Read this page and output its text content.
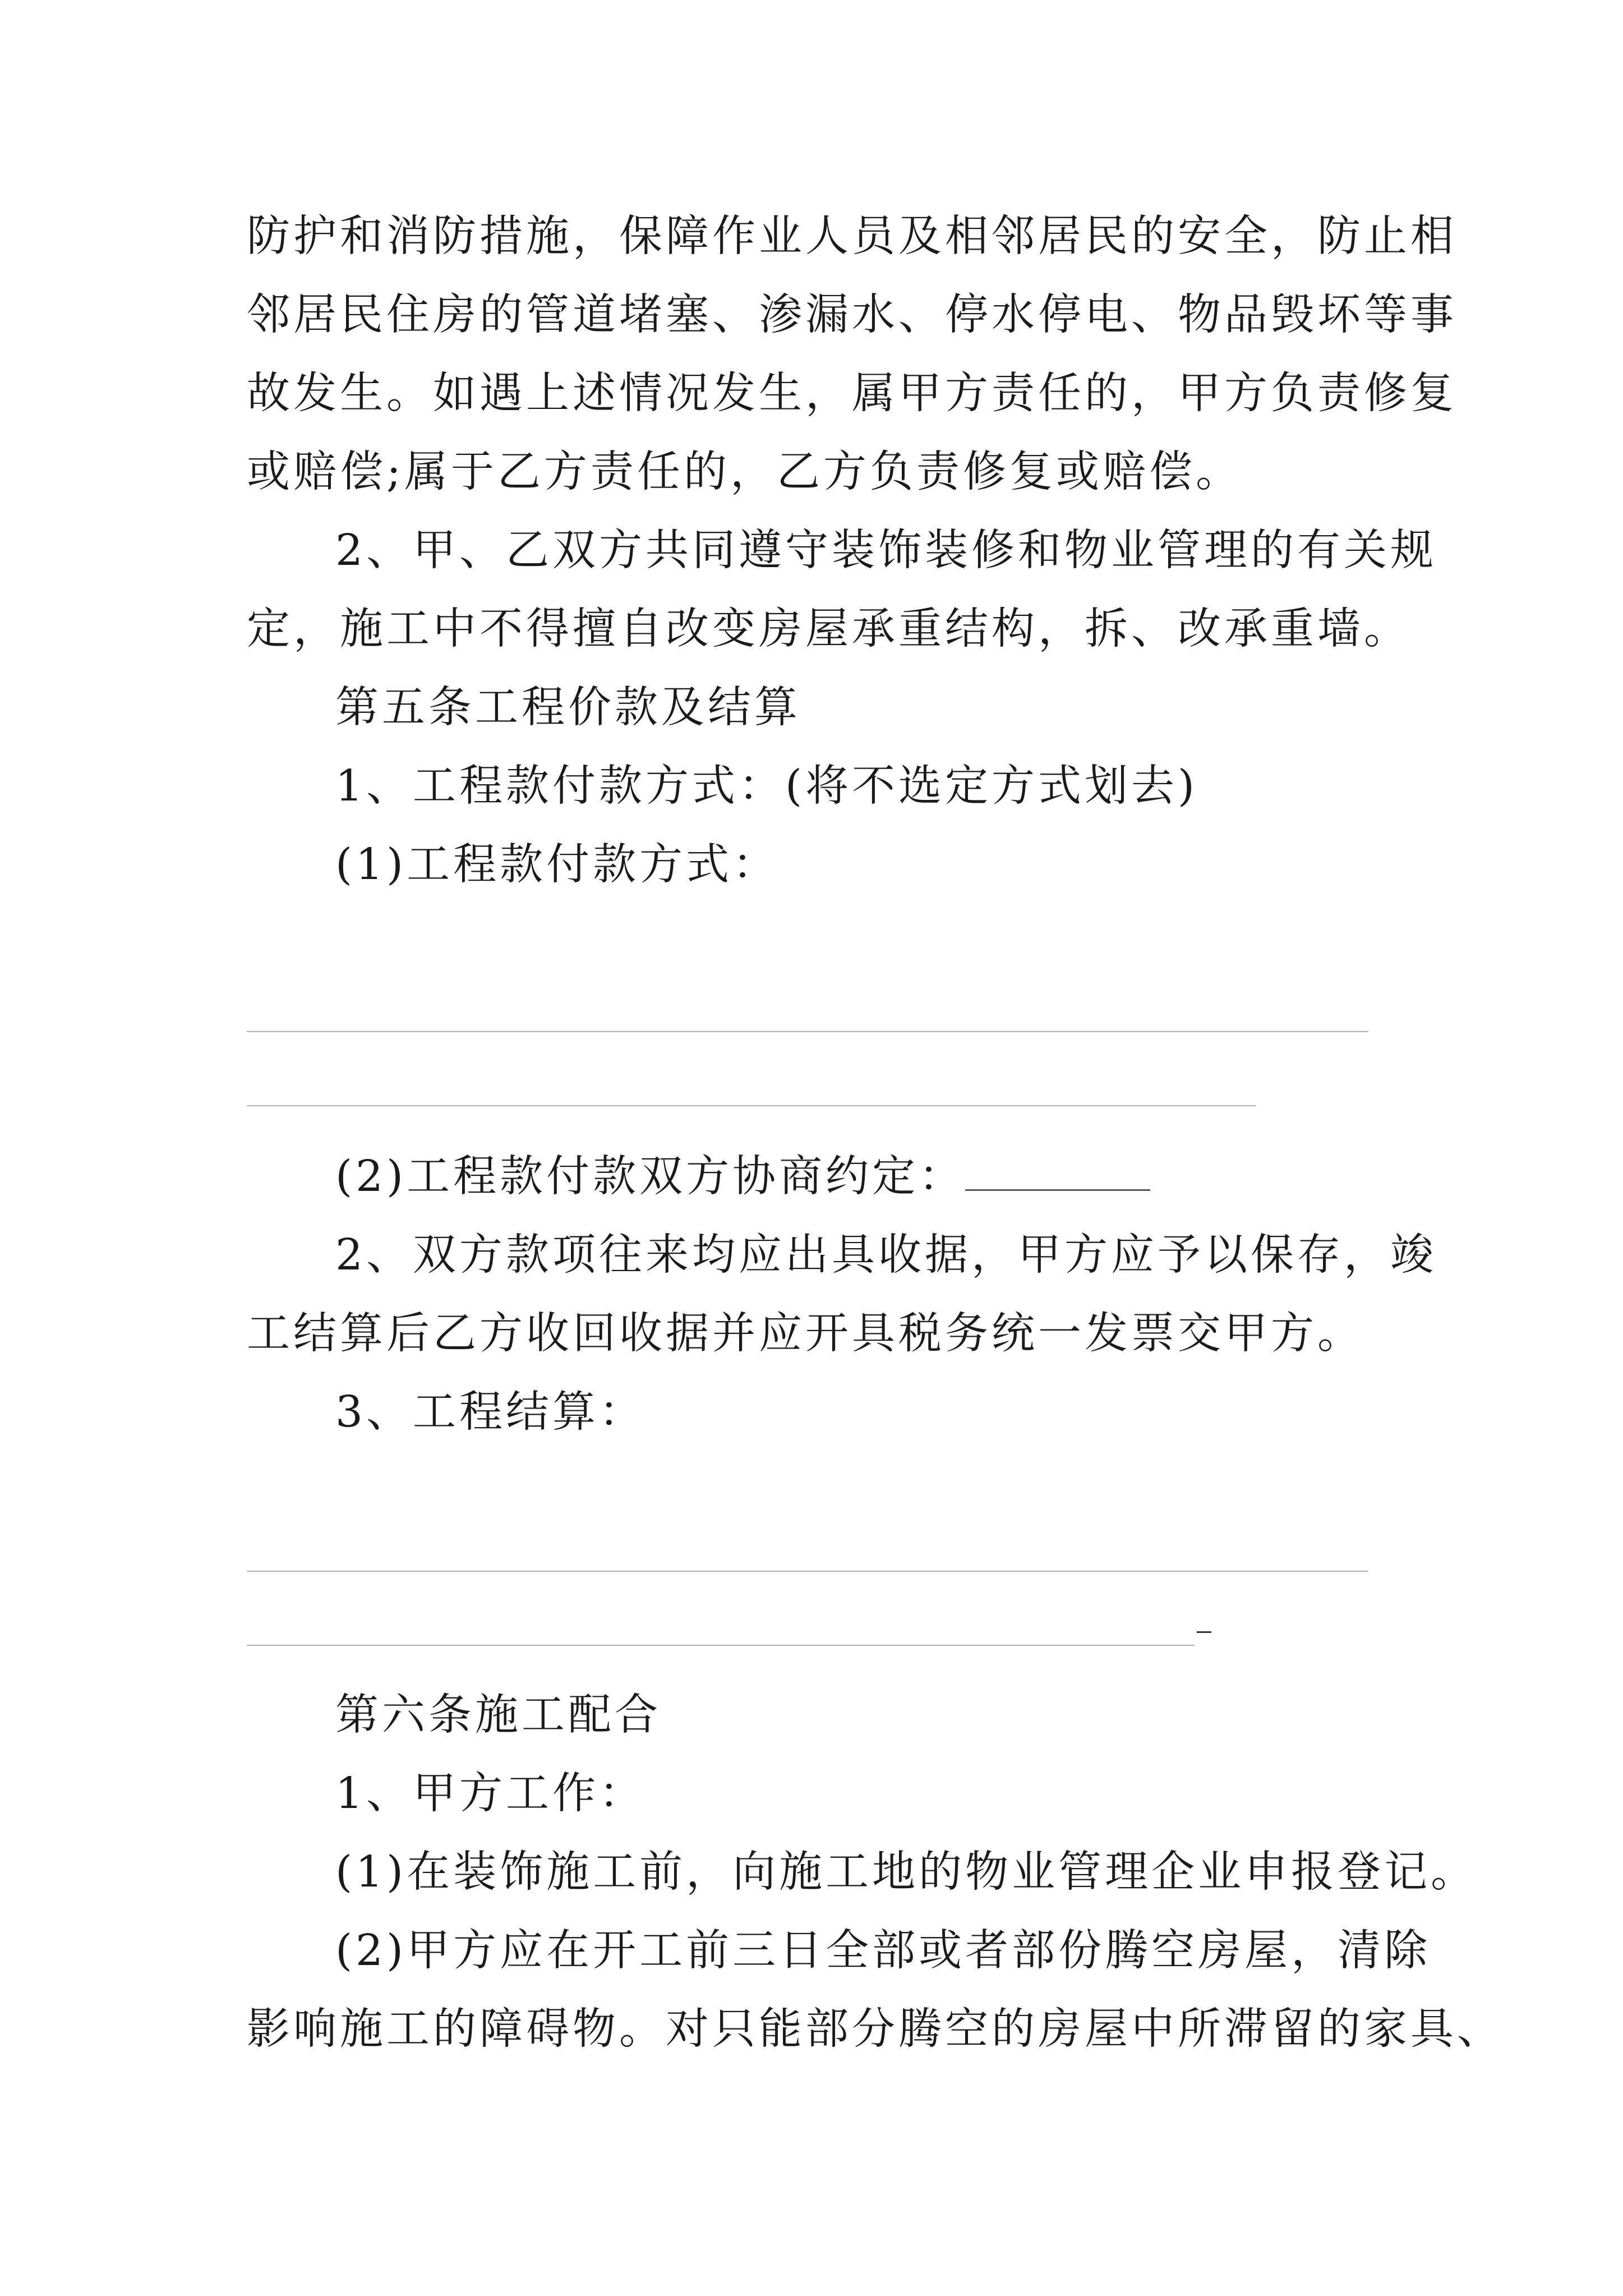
防护和消防措施，保障作业人员及相邻居民的安全，防止相
邻居民住房的管道堵塞、渗漏水、停水停电、物品毁坏等事
故发生。如遇上述情况发生，属甲方责任的，甲方负责修复
或赔偿;属于乙方责任的，乙方负责修复或赔偿。
2、甲、乙双方共同遵守装饰装修和物业管理的有关规
定，施工中不得擅自改变房屋承重结构，拆、改承重墙。
第五条工程价款及结算
1、工程款付款方式：(将不选定方式划去)
(1)工程款付款方式：
(2)工程款付款双方协商约定：
2、双方款项往来均应出具收据，甲方应予以保存，竣
工结算后乙方收回收据并应开具税务统一发票交甲方。
3、工程结算：
第六条施工配合
1、甲方工作：
(1)在装饰施工前，向施工地的物业管理企业申报登记。
(2)甲方应在开工前三日全部或者部份腾空房屋，清除
影响施工的障碍物。对只能部分腾空的房屋中所滞留的家具、
